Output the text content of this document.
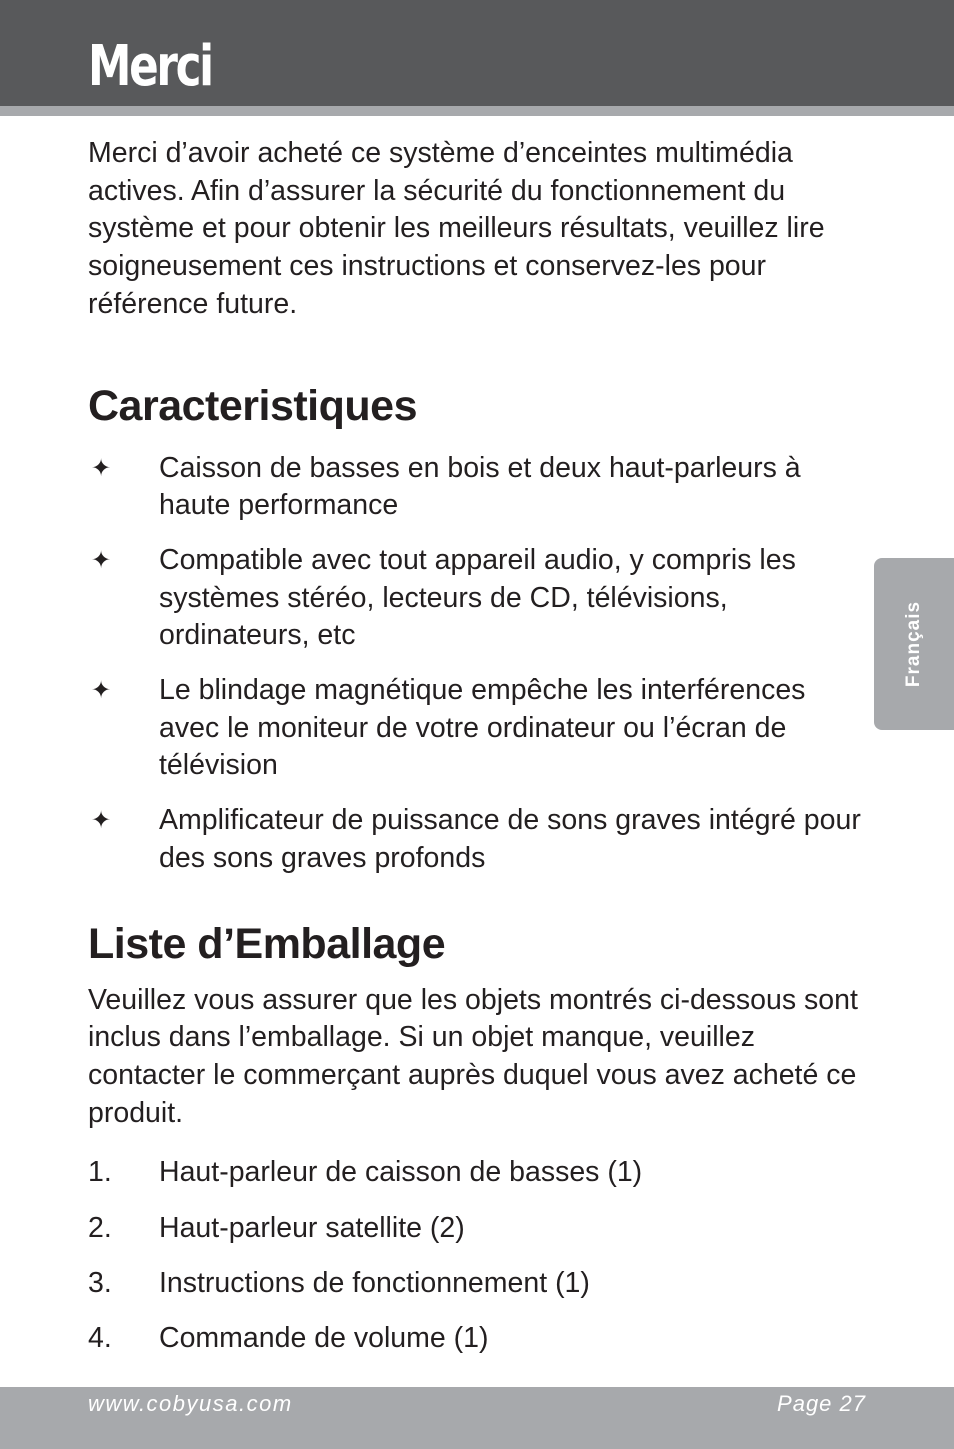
Merci

Merci d’avoir acheté ce système d’enceintes multimédia actives. Afin d’assurer la sécurité du fonctionnement du système et pour obtenir les meilleurs résultats, veuillez lire soigneusement ces instructions et conservez-les pour référence future.

Caracteristiques
✦ Caisson de basses en bois et deux haut-parleurs à haute performance
✦ Compatible avec tout appareil audio, y compris les systèmes stéréo, lecteurs de CD, télévisions, ordinateurs, etc
✦ Le blindage magnétique empêche les interférences avec le moniteur de votre ordinateur ou l’écran de télévision
✦ Amplificateur de puissance de sons graves intégré pour des sons graves profonds
Liste d’Emballage

Veuillez vous assurer que les objets montrés ci-dessous sont inclus dans l’emballage. Si un objet manque, veuillez contacter le commerçant auprès duquel vous avez acheté ce produit.

1. Haut-parleur de caisson de basses (1)
2. Haut-parleur satellite (2)
3. Instructions de fonctionnement (1)
4. Commande de volume (1)
Français
www.cobyusa.com	Page 27
